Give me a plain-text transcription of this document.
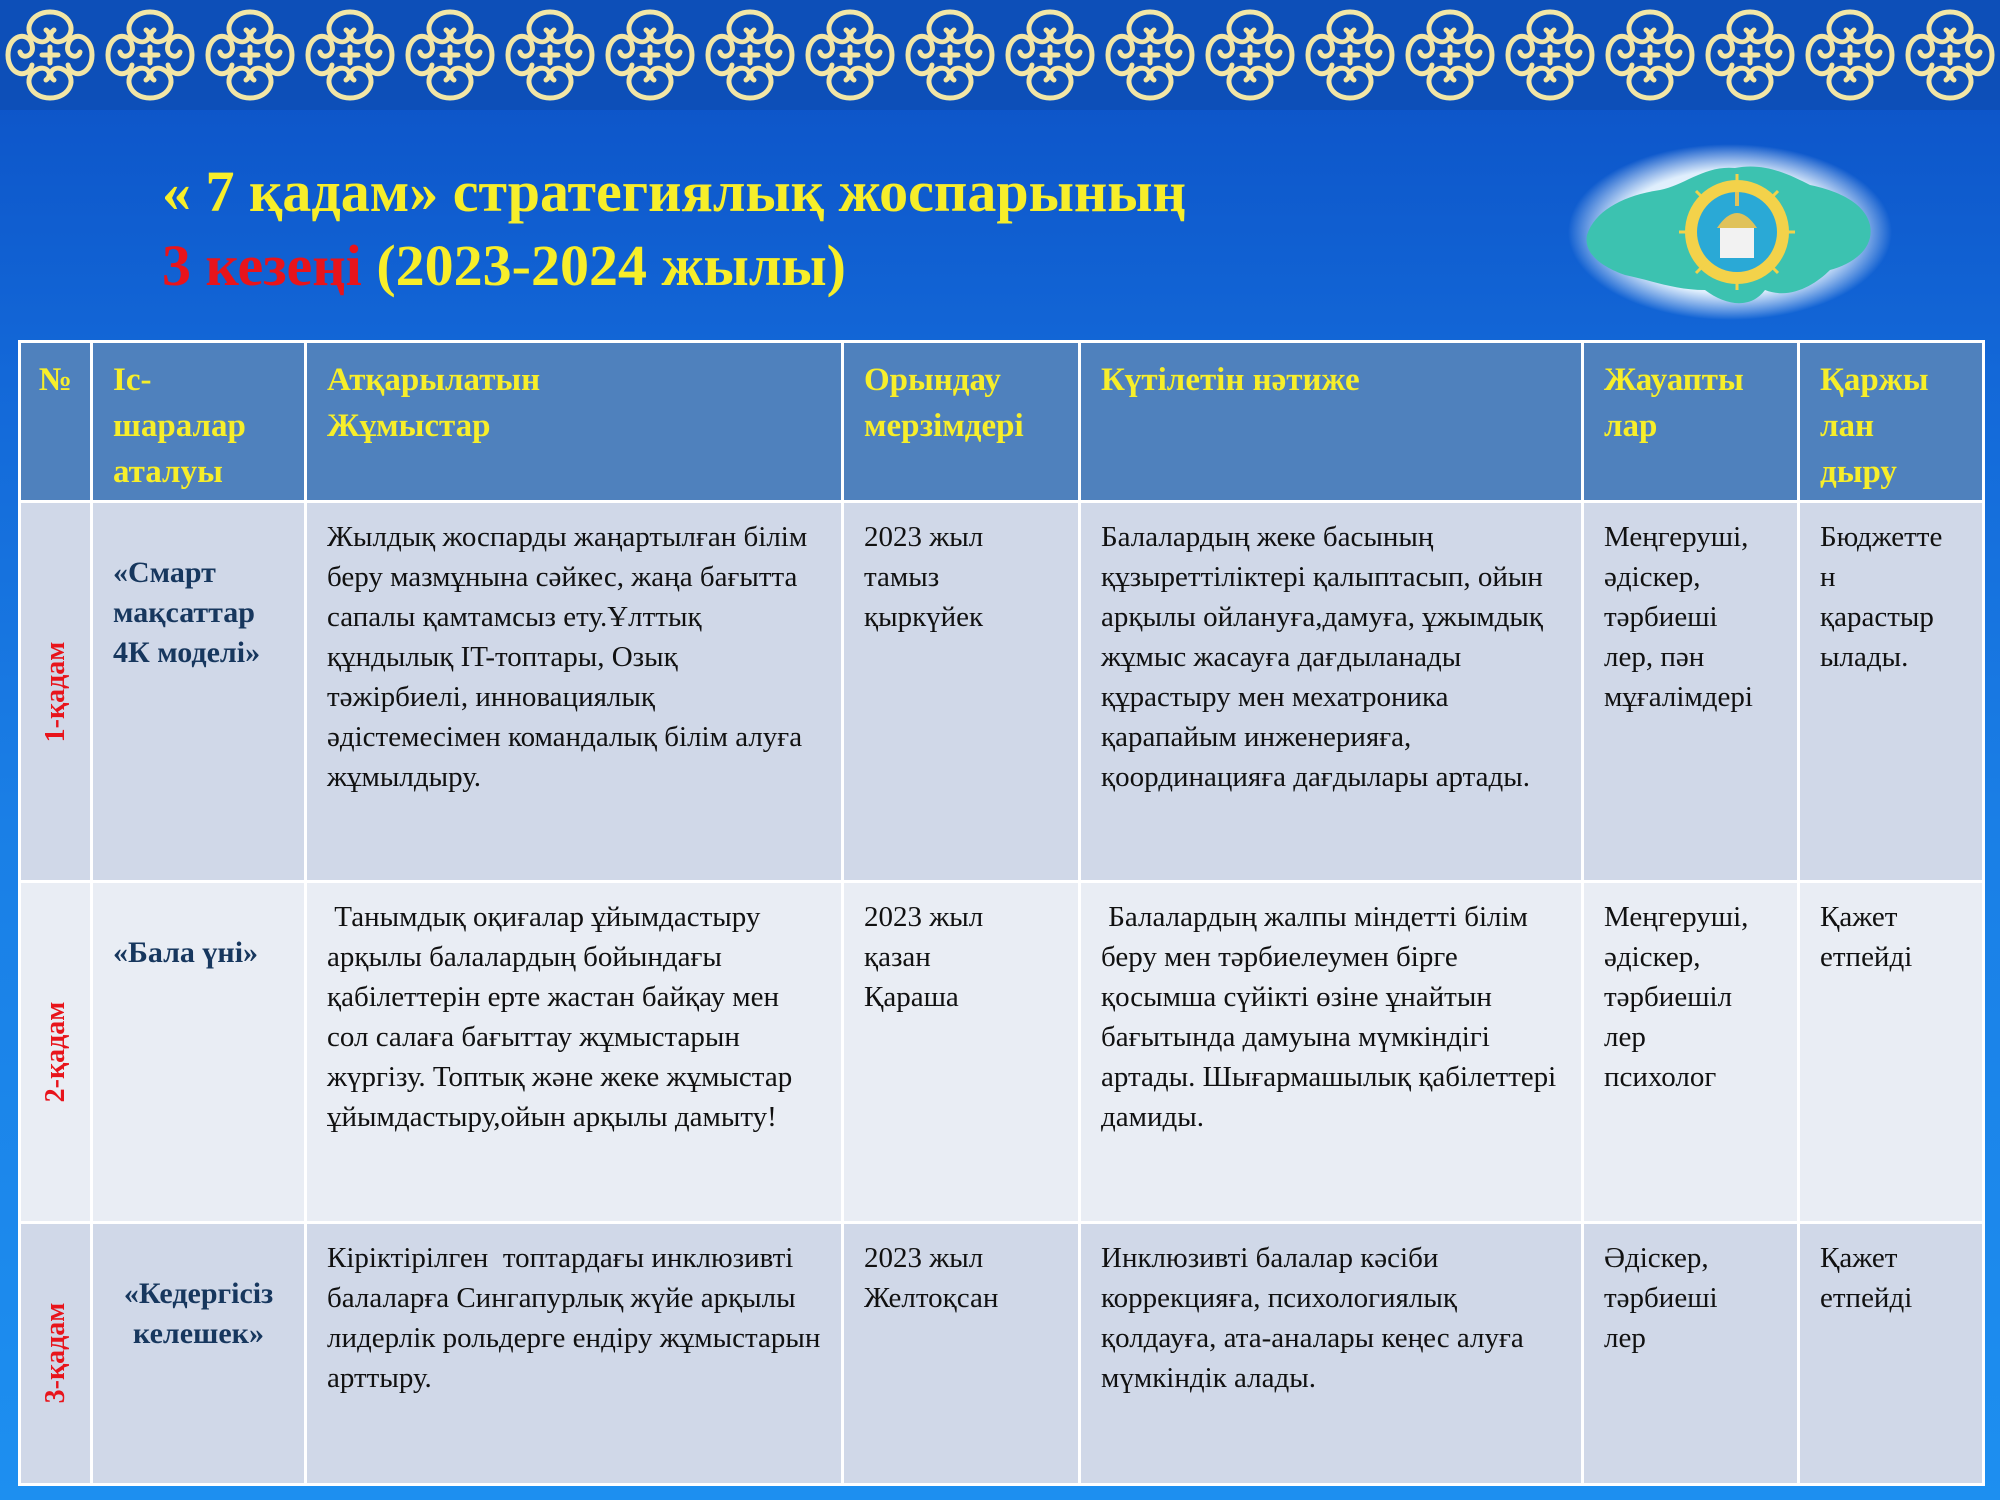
« 7 қадам» стратегиялық жоспарының
3 кезеңі (2023-2024 жылы)
№	Іс-
шаралар
аталуы	Атқарылатын
Жұмыстар	Орындау
мерзімдері	Күтілетін нәтиже	Жауапты
лар	Қаржы
лан
дыру

1-қадам	«Смарт
мақсаттар
4К моделі»	Жылдық жоспарды жаңартылған білім беру мазмұнына сәйкес, жаңа бағытта сапалы қамтамсыз ету.Ұлттық құндылық IT-топтары, Озық тәжірбиелі, инновациялық әдістемесімен командалық білім алуға жұмылдыру.	2023 жыл
тамыз
қыркүйек	Балалардың жеке басының құзыреттіліктері қалыптасып, ойын арқылы ойлануға,дамуға, ұжымдық жұмыс жасауға дағдыланады құрастыру мен мехатроника қарапайым инженерияға, қоординацияға дағдылары артады.	Меңгеруші,
әдіскер,
тәрбиеші
лер, пән
мұғалімдері	Бюджетте
н
қарастыр
ылады.

2-қадам	«Бала үні»	Танымдық оқиғалар ұйымдастыру арқылы балалардың бойындағы қабілеттерін ерте жастан байқау мен сол салаға бағыттау жұмыстарын жүргізу. Топтық және жеке жұмыстар ұйымдастыру,ойын арқылы дамыту!	2023 жыл
қазан
Қараша	Балалардың жалпы міндетті білім беру мен тәрбиелеумен бірге қосымша сүйікті өзіне ұнайтын бағытында дамуына мүмкіндігі артады. Шығармашылық қабілеттері дамиды.	Меңгеруші,
әдіскер,
тәрбиешіл
лер
психолог	Қажет
етпейді

3-қадам	«Кедергісіз
келешек»	Кіріктірілген  топтардағы инклюзивті  балаларға Сингапурлық жүйе арқылы лидерлік рольдерге ендіру жұмыстарын арттыру.	2023 жыл
Желтоқсан	Инклюзивті балалар кәсіби коррекцияға, психологиялық қолдауға, ата-аналары кеңес алуға мүмкіндік алады.	Әдіскер,
тәрбиеші
лер	Қажет
етпейді
